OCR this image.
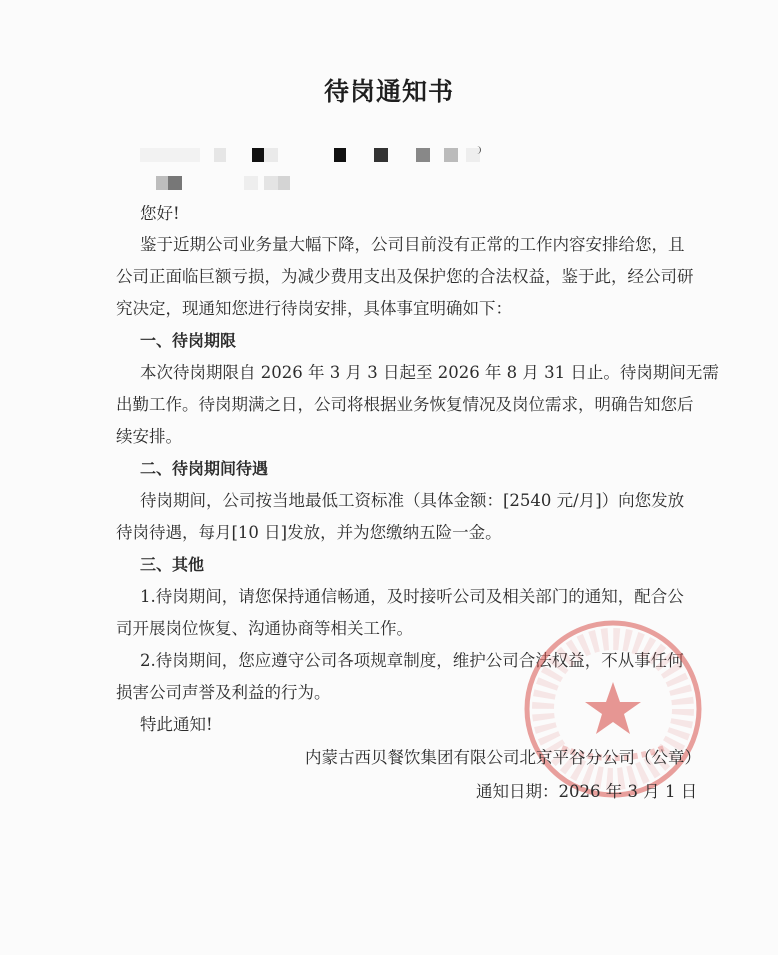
待岗通知书
您好!
鉴于近期公司业务量大幅下降，公司目前没有正常的工作内容安排给您，且
公司正面临巨额亏损，为减少费用支出及保护您的合法权益，鉴于此，经公司研
究决定，现通知您进行待岗安排，具体事宜明确如下：
一、待岗期限
本次待岗期限自 2026 年 3 月 3 日起至 2026 年 8 月 31 日止。待岗期间无需
出勤工作。待岗期满之日，公司将根据业务恢复情况及岗位需求，明确告知您后
续安排。
二、待岗期间待遇
待岗期间，公司按当地最低工资标准（具体金额：[2540 元/月]）向您发放
待岗待遇，每月[10 日]发放，并为您缴纳五险一金。
三、其他
1.待岗期间，请您保持通信畅通，及时接听公司及相关部门的通知，配合公
司开展岗位恢复、沟通协商等相关工作。
2.待岗期间，您应遵守公司各项规章制度，维护公司合法权益，不从事任何
损害公司声誉及利益的行为。
特此通知!
内蒙古西贝餐饮集团有限公司北京平谷分公司（公章）
通知日期：2026 年 3 月 1 日
